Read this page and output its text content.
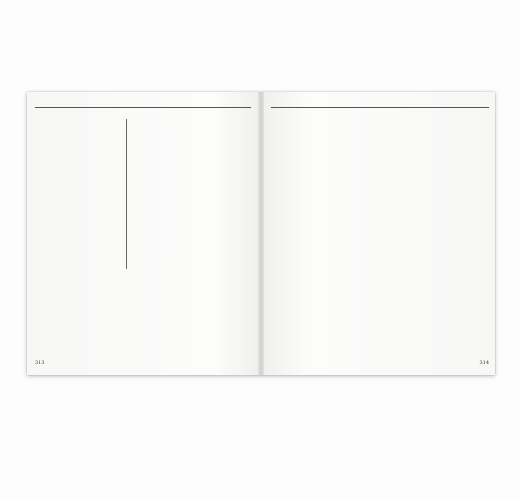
313	314
